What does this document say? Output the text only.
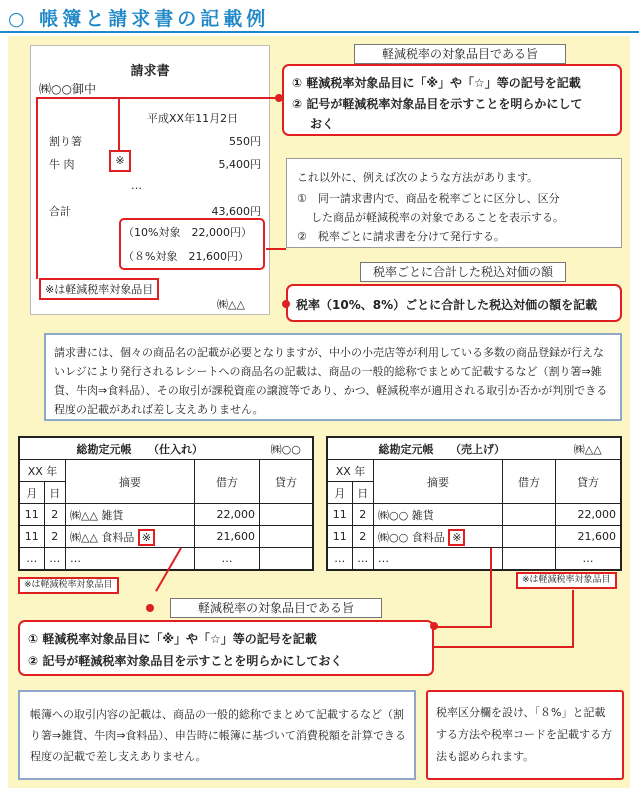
○ 帳簿と請求書の記載例
請求書
㈱○○御中
平成XX年11月2日
割り箸	550円
牛 肉	※	5,400円
…
合計	43,600円
（10%対象　22,000円）
（８%対象　21,600円）
※は軽減税率対象品目
㈱△△
軽減税率の対象品目である旨
① 軽減税率対象品目に「※」や「☆」等の記号を記載
② 記号が軽減税率対象品目を示すことを明らかにして
おく
これ以外に、例えば次のような方法があります。
①　同一請求書内で、商品を税率ごとに区分し、区分
した商品が軽減税率の対象であることを表示する。
②　税率ごとに請求書を分けて発行する。
税率ごとに合計した税込対価の額
税率（10%、8%）ごとに合計した税込対価の額を記載
請求書には、個々の商品名の記載が必要となりますが、中小の小売店等が利用している多数の商品登録が行えないレジにより発行されるレシートへの商品名の記載は、商品の一般的総称でまとめて記載するなど（割り箸⇒雑貨、牛肉⇒食料品）、その取引が課税資産の譲渡等であり、かつ、軽減税率が適用される取引か否かが判別できる程度の記載があれば差し支えありません。
総勘定元帳　　（仕入れ）				㈱○○
XX 年		摘要	借方	貸方
月	日			
11	2	㈱△△ 雑貨	22,000	
11	2	㈱△△ 食料品 ※	21,600	
…	…	…	…	
※は軽減税率対象品目
総勘定元帳　　（売上げ）				㈱△△
XX 年		摘要	借方	貸方
月	日			
11	2	㈱○○ 雑貨		22,000
11	2	㈱○○ 食料品 ※		21,600
…	…	…		…
※は軽減税率対象品目
軽減税率の対象品目である旨
① 軽減税率対象品目に「※」や「☆」等の記号を記載
② 記号が軽減税率対象品目を示すことを明らかにしておく
帳簿への取引内容の記載は、商品の一般的総称でまとめて記載するなど（割り箸⇒雑貨、牛肉⇒食料品）、申告時に帳簿に基づいて消費税額を計算できる程度の記載で差し支えありません。
税率区分欄を設け、「８%」と記載する方法や税率コードを記載する方法も認められます。
